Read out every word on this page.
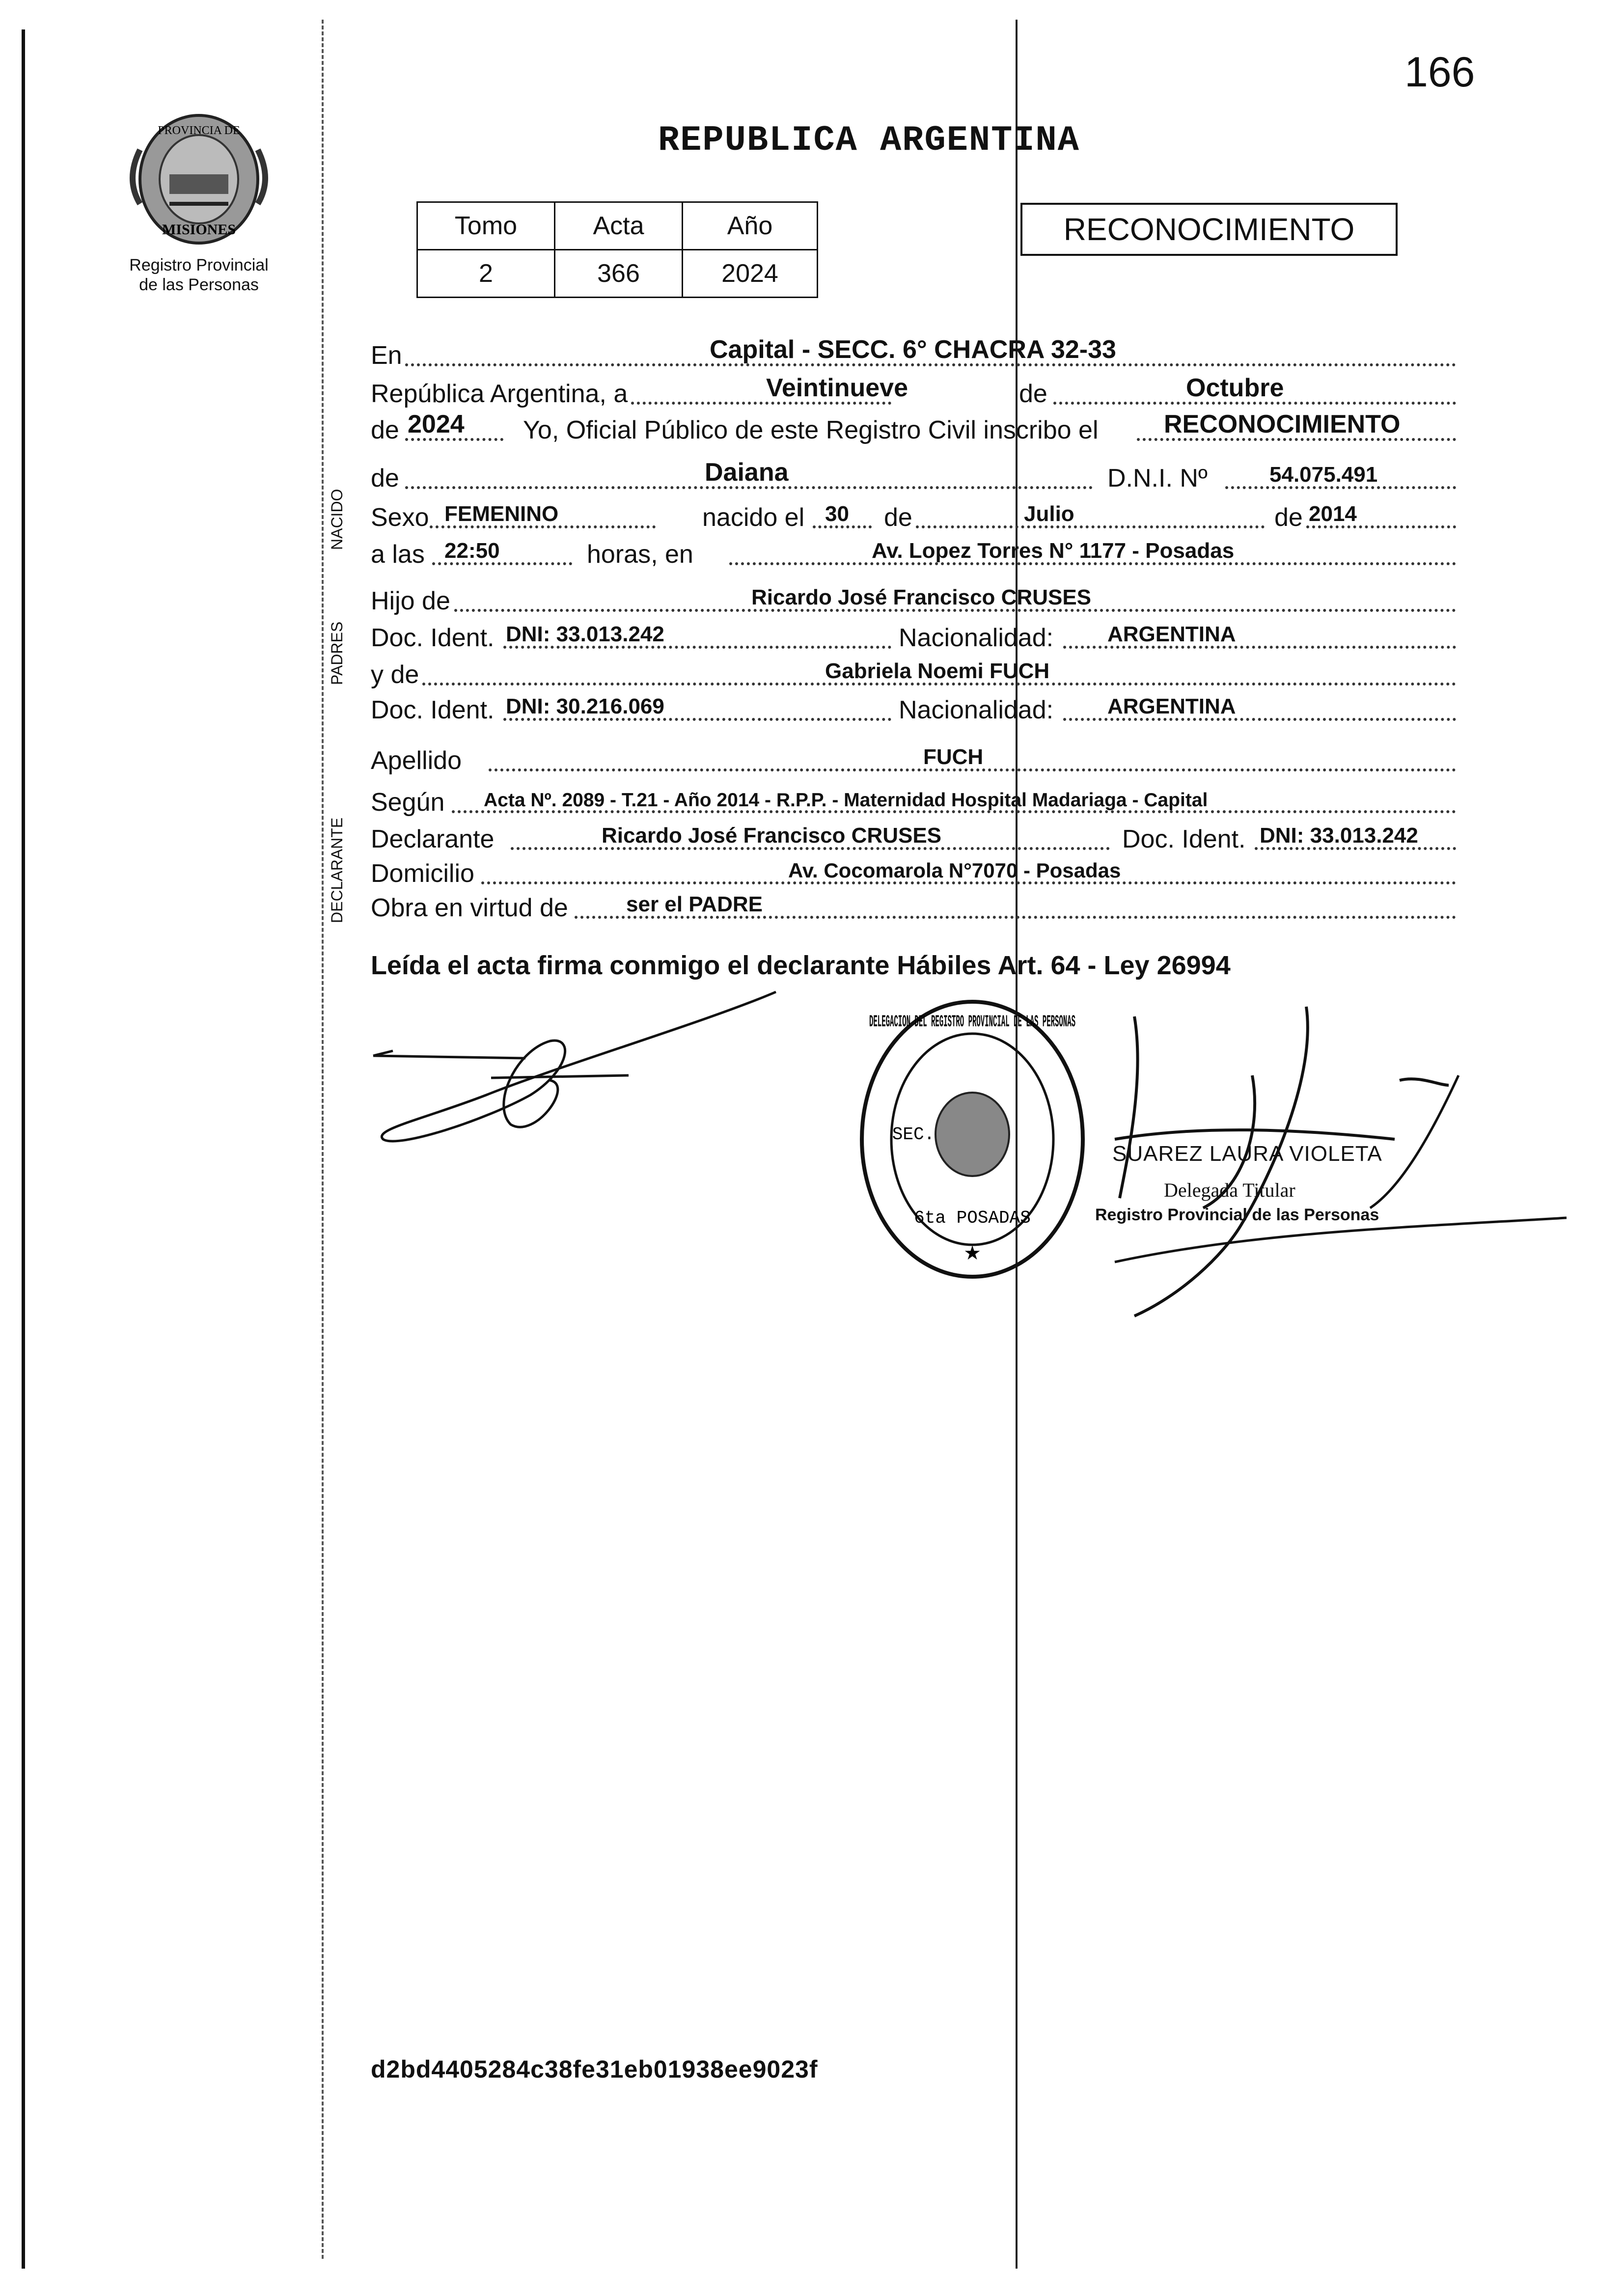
166
PROVINCIA DE
MISIONES
Registro Provincial
de las Personas
REPUBLICA ARGENTINA
Tomo	Acta	Año
2	366	2024
RECONOCIMIENTO
NACIDO
PADRES
DECLARANTE
En	Capital - SECC. 6° CHACRA 32-33
República Argentina, a	Veintinueve	de	Octubre
de 2024 Yo, Oficial Público de este Registro Civil inscribo el	RECONOCIMIENTO
de	Daiana	D.N.I. Nº	54.075.491
Sexo FEMENINO	nacido el 30 de	Julio	de 2014
a las 22:50	horas, en	Av. Lopez Torres N° 1177 - Posadas
Hijo de	Ricardo José Francisco CRUSES
Doc. Ident. DNI: 33.013.242	Nacionalidad: ARGENTINA
y de	Gabriela Noemi FUCH
Doc. Ident. DNI: 30.216.069	Nacionalidad: ARGENTINA
Apellido	FUCH
Según Acta Nº. 2089 - T.21 - Año 2014 - R.P.P. - Maternidad Hospital Madariaga - Capital
Declarante	Ricardo José Francisco CRUSES	Doc. Ident. DNI: 33.013.242
Domicilio	Av. Cocomarola N°7070 - Posadas
Obra en virtud de	ser el PADRE
Leída el acta firma conmigo el declarante Hábiles Art. 64 - Ley 26994
DELEGACION DEL REGISTRO PROVINCIAL DE LAS PERSONAS
SEC.
6ta POSADAS
★
SUAREZ LAURA VIOLETA
Delegada Titular
Registro Provincial de las Personas
d2bd4405284c38fe31eb01938ee9023f
